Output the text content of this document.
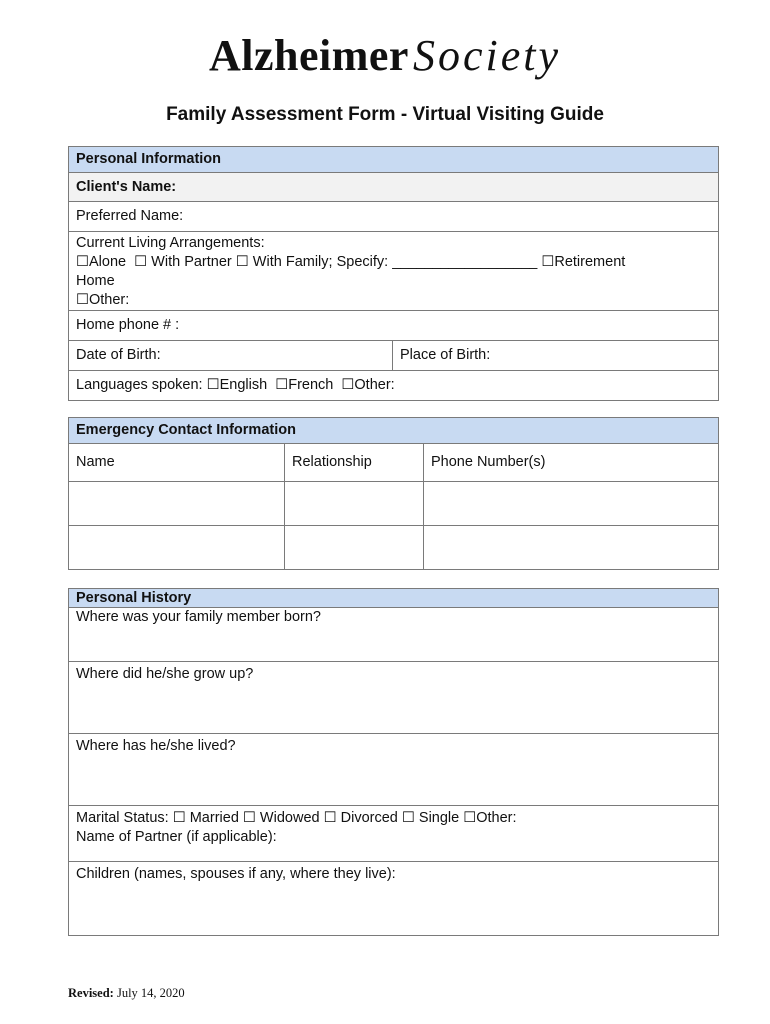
AlzheimerSociety
Family Assessment Form - Virtual Visiting Guide
Personal Information
Client's Name:
Preferred Name:

Current Living Arrangements:
☐Alone  ☐ With Partner ☐ With Family; Specify: __________________ ☐Retirement
Home
☐Other:

Home phone # :
Date of Birth:	Place of Birth:
Languages spoken: ☐English  ☐French  ☐Other:
Emergency Contact Information		
Name	Relationship	Phone Number(s)

Personal History
Where was your family member born?
Where did he/she grow up?
Where has he/she lived?

Marital Status: ☐ Married ☐ Widowed ☐ Divorced ☐ Single ☐Other:
Name of Partner (if applicable):

Children (names, spouses if any, where they live):
Revised: July 14, 2020
